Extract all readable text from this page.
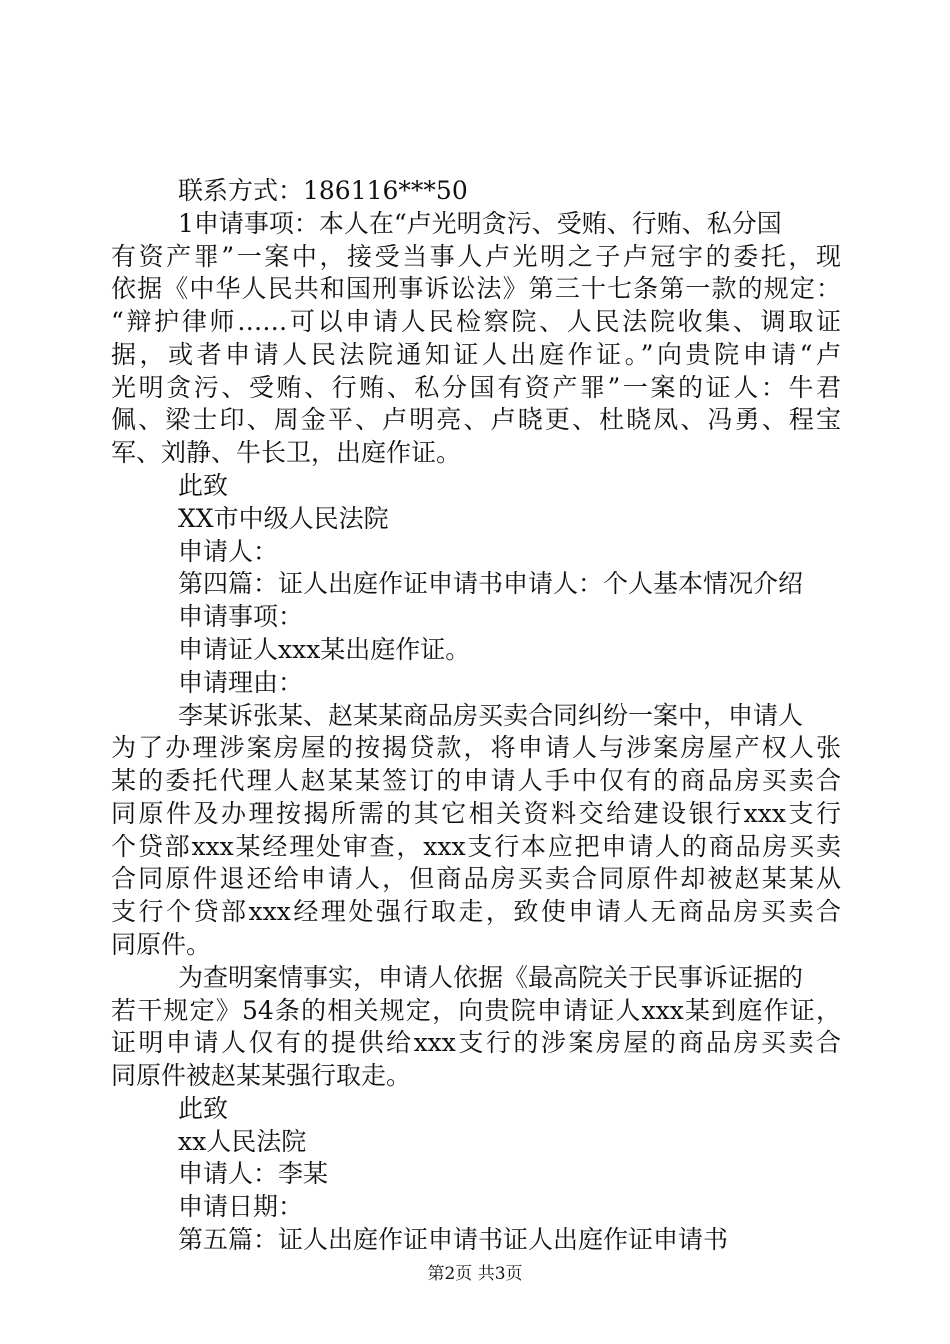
联系方式：186116***50
1申请事项：本人在“卢光明贪污、受贿、行贿、私分国
有资产罪”一案中，接受当事人卢光明之子卢冠宇的委托，现
依据《中华人民共和国刑事诉讼法》第三十七条第一款的规定：
“辩护律师……可以申请人民检察院、人民法院收集、调取证
据，或者申请人民法院通知证人出庭作证。”向贵院申请“卢
光明贪污、受贿、行贿、私分国有资产罪”一案的证人：牛君
佩、梁士印、周金平、卢明亮、卢晓更、杜晓凤、冯勇、程宝
军、刘静、牛长卫，出庭作证。
此致
XX市中级人民法院
申请人：
第四篇：证人出庭作证申请书申请人：个人基本情况介绍
申请事项：
申请证人xxx某出庭作证。
申请理由：
李某诉张某、赵某某商品房买卖合同纠纷一案中，申请人
为了办理涉案房屋的按揭贷款，将申请人与涉案房屋产权人张
某的委托代理人赵某某签订的申请人手中仅有的商品房买卖合
同原件及办理按揭所需的其它相关资料交给建设银行xxx支行
个贷部xxx某经理处审查，xxx支行本应把申请人的商品房买卖
合同原件退还给申请人，但商品房买卖合同原件却被赵某某从
支行个贷部xxx经理处强行取走，致使申请人无商品房买卖合
同原件。
为查明案情事实，申请人依据《最高院关于民事诉证据的
若干规定》54条的相关规定，向贵院申请证人xxx某到庭作证，
证明申请人仅有的提供给xxx支行的涉案房屋的商品房买卖合
同原件被赵某某强行取走。
此致
xx人民法院
申请人：李某
申请日期：
第五篇：证人出庭作证申请书证人出庭作证申请书
第2页 共3页
